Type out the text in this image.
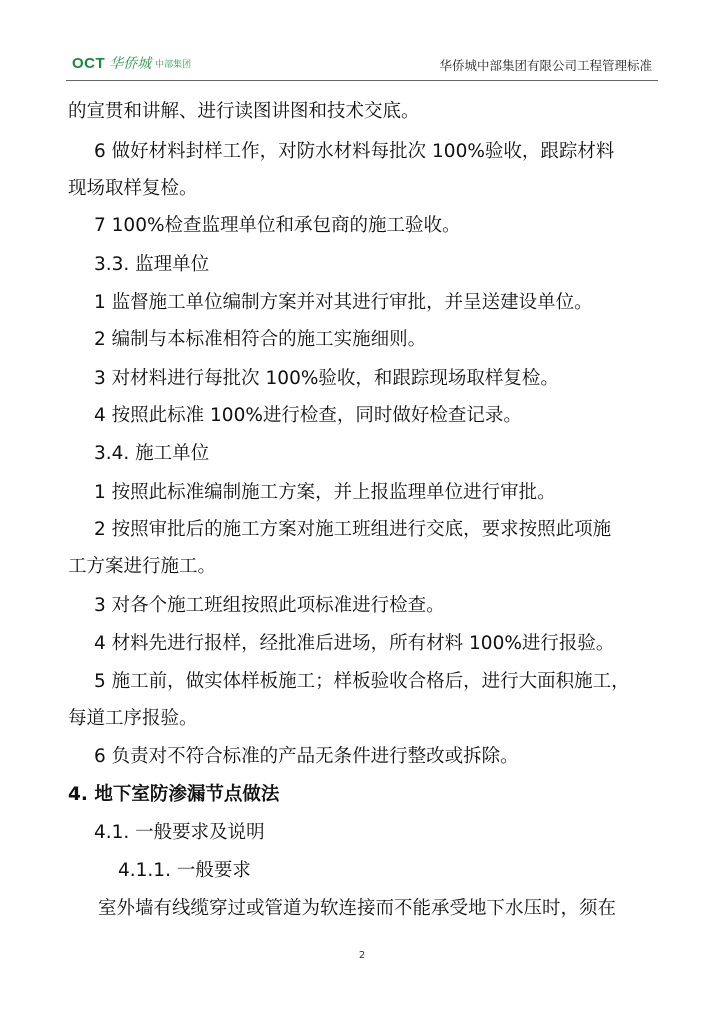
OCT 华侨城 中部集团	华侨城中部集团有限公司工程管理标准
的宣贯和讲解、进行读图讲图和技术交底。
6 做好材料封样工作，对防水材料每批次 100%验收，跟踪材料
现场取样复检。
7 100%检查监理单位和承包商的施工验收。
3.3. 监理单位
1 监督施工单位编制方案并对其进行审批，并呈送建设单位。
2 编制与本标准相符合的施工实施细则。
3 对材料进行每批次 100%验收，和跟踪现场取样复检。
4 按照此标准 100%进行检查，同时做好检查记录。
3.4. 施工单位
1 按照此标准编制施工方案，并上报监理单位进行审批。
2 按照审批后的施工方案对施工班组进行交底，要求按照此项施
工方案进行施工。
3 对各个施工班组按照此项标准进行检查。
4 材料先进行报样，经批准后进场，所有材料 100%进行报验。
5 施工前，做实体样板施工；样板验收合格后，进行大面积施工，
每道工序报验。
6 负责对不符合标准的产品无条件进行整改或拆除。
4. 地下室防渗漏节点做法
4.1. 一般要求及说明
4.1.1. 一般要求
室外墙有线缆穿过或管道为软连接而不能承受地下水压时，须在
2
